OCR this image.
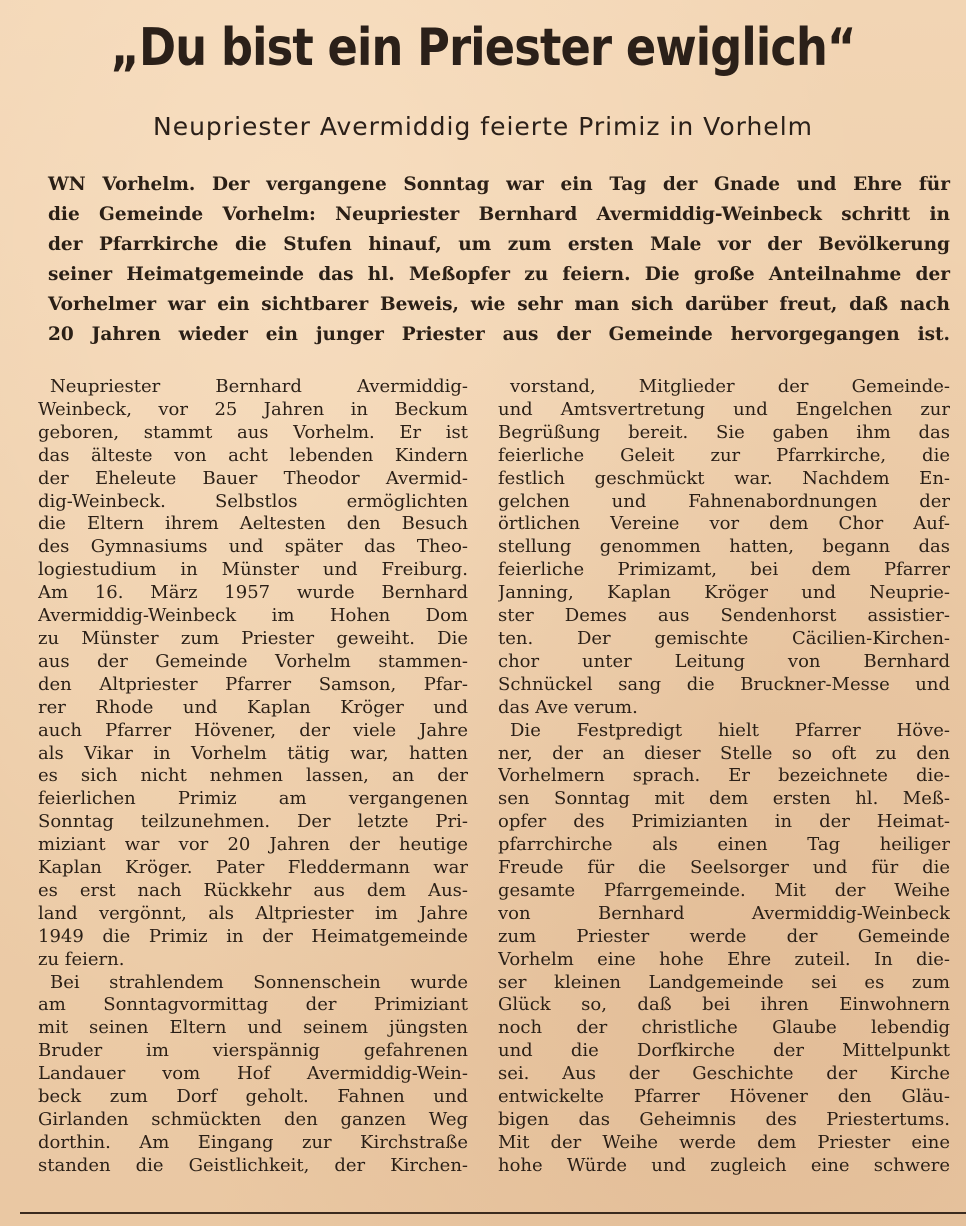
„Du bist ein Priester ewiglich“
Neupriester Avermiddig feierte Primiz in Vorhelm
WN Vorhelm. Der vergangene Sonntag war ein Tag der Gnade und Ehre für
die Gemeinde Vorhelm: Neupriester Bernhard Avermiddig-Weinbeck schritt in
der Pfarrkirche die Stufen hinauf, um zum ersten Male vor der Bevölkerung
seiner Heimatgemeinde das hl. Meßopfer zu feiern. Die große Anteilnahme der
Vorhelmer war ein sichtbarer Beweis, wie sehr man sich darüber freut, daß nach
20 Jahren wieder ein junger Priester aus der Gemeinde hervorgegangen ist.
Neupriester Bernhard Avermiddig-
Weinbeck, vor 25 Jahren in Beckum
geboren, stammt aus Vorhelm. Er ist
das älteste von acht lebenden Kindern
der Eheleute Bauer Theodor Avermid-
dig-Weinbeck. Selbstlos ermöglichten
die Eltern ihrem Aeltesten den Besuch
des Gymnasiums und später das Theo-
logiestudium in Münster und Freiburg.
Am 16. März 1957 wurde Bernhard
Avermiddig-Weinbeck im Hohen Dom
zu Münster zum Priester geweiht. Die
aus der Gemeinde Vorhelm stammen-
den Altpriester Pfarrer Samson, Pfar-
rer Rhode und Kaplan Kröger und
auch Pfarrer Hövener, der viele Jahre
als Vikar in Vorhelm tätig war, hatten
es sich nicht nehmen lassen, an der
feierlichen Primiz am vergangenen
Sonntag teilzunehmen. Der letzte Pri-
miziant war vor 20 Jahren der heutige
Kaplan Kröger. Pater Fleddermann war
es erst nach Rückkehr aus dem Aus-
land vergönnt, als Altpriester im Jahre
1949 die Primiz in der Heimatgemeinde
zu feiern.
Bei strahlendem Sonnenschein wurde
am Sonntagvormittag der Primiziant
mit seinen Eltern und seinem jüngsten
Bruder im vierspännig gefahrenen
Landauer vom Hof Avermiddig-Wein-
beck zum Dorf geholt. Fahnen und
Girlanden schmückten den ganzen Weg
dorthin. Am Eingang zur Kirchstraße
standen die Geistlichkeit, der Kirchen-
vorstand, Mitglieder der Gemeinde-
und Amtsvertretung und Engelchen zur
Begrüßung bereit. Sie gaben ihm das
feierliche Geleit zur Pfarrkirche, die
festlich geschmückt war. Nachdem En-
gelchen und Fahnenabordnungen der
örtlichen Vereine vor dem Chor Auf-
stellung genommen hatten, begann das
feierliche Primizamt, bei dem Pfarrer
Janning, Kaplan Kröger und Neuprie-
ster Demes aus Sendenhorst assistier-
ten. Der gemischte Cäcilien-Kirchen-
chor unter Leitung von Bernhard
Schnückel sang die Bruckner-Messe und
das Ave verum.
Die Festpredigt hielt Pfarrer Höve-
ner, der an dieser Stelle so oft zu den
Vorhelmern sprach. Er bezeichnete die-
sen Sonntag mit dem ersten hl. Meß-
opfer des Primizianten in der Heimat-
pfarrchirche als einen Tag heiliger
Freude für die Seelsorger und für die
gesamte Pfarrgemeinde. Mit der Weihe
von Bernhard Avermiddig-Weinbeck
zum Priester werde der Gemeinde
Vorhelm eine hohe Ehre zuteil. In die-
ser kleinen Landgemeinde sei es zum
Glück so, daß bei ihren Einwohnern
noch der christliche Glaube lebendig
und die Dorfkirche der Mittelpunkt
sei. Aus der Geschichte der Kirche
entwickelte Pfarrer Hövener den Gläu-
bigen das Geheimnis des Priestertums.
Mit der Weihe werde dem Priester eine
hohe Würde und zugleich eine schwere
